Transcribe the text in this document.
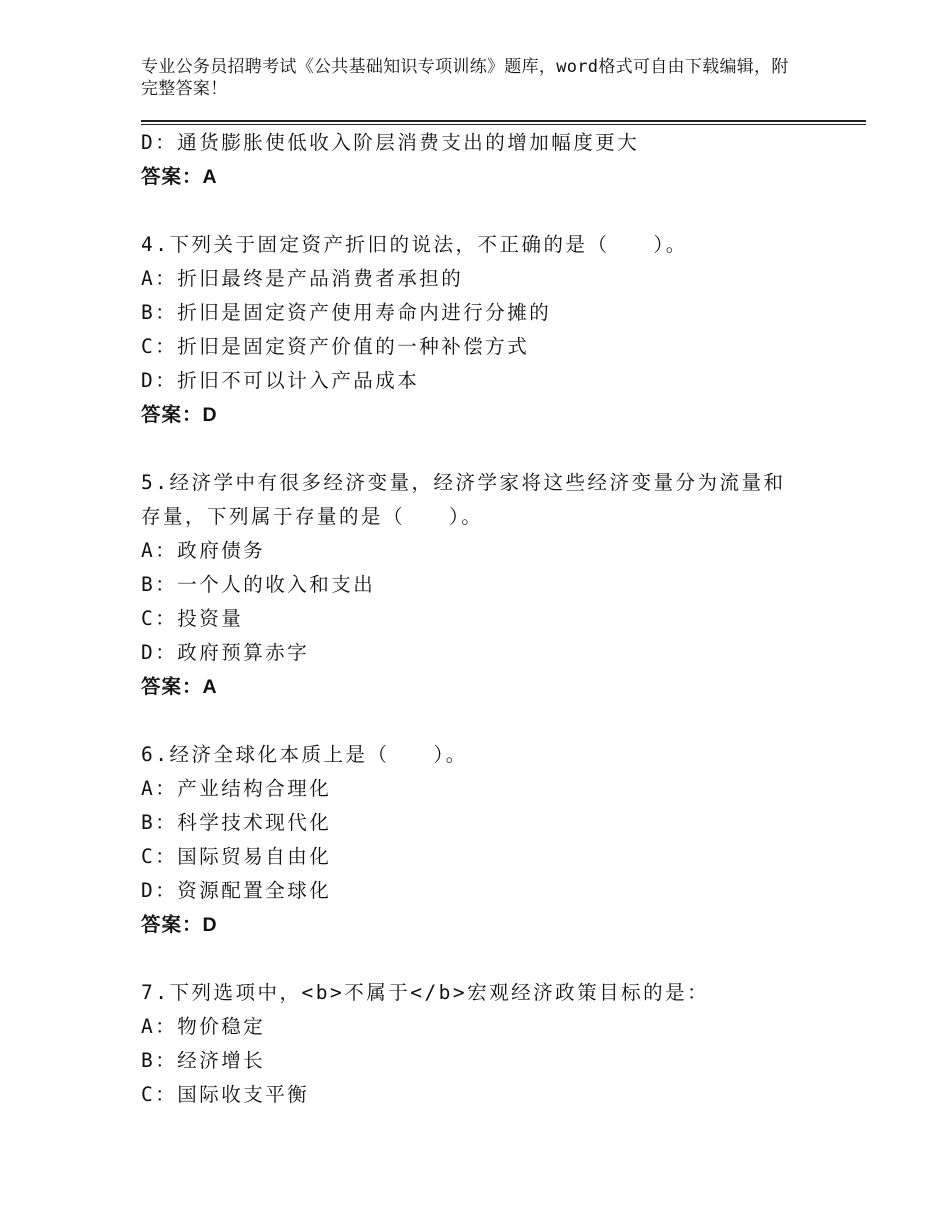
专业公务员招聘考试《公共基础知识专项训练》题库，word格式可自由下载编辑，附完整答案！
D：通货膨胀使低收入阶层消费支出的增加幅度更大
答案：A
4.下列关于固定资产折旧的说法，不正确的是（　　）。
A：折旧最终是产品消费者承担的
B：折旧是固定资产使用寿命内进行分摊的
C：折旧是固定资产价值的一种补偿方式
D：折旧不可以计入产品成本
答案：D
5.经济学中有很多经济变量，经济学家将这些经济变量分为流量和存量，下列属于存量的是（　　）。
A：政府债务
B：一个人的收入和支出
C：投资量
D：政府预算赤字
答案：A
6.经济全球化本质上是（　　）。
A：产业结构合理化
B：科学技术现代化
C：国际贸易自由化
D：资源配置全球化
答案：D
7.下列选项中，<b>不属于</b>宏观经济政策目标的是：
A：物价稳定
B：经济增长
C：国际收支平衡
